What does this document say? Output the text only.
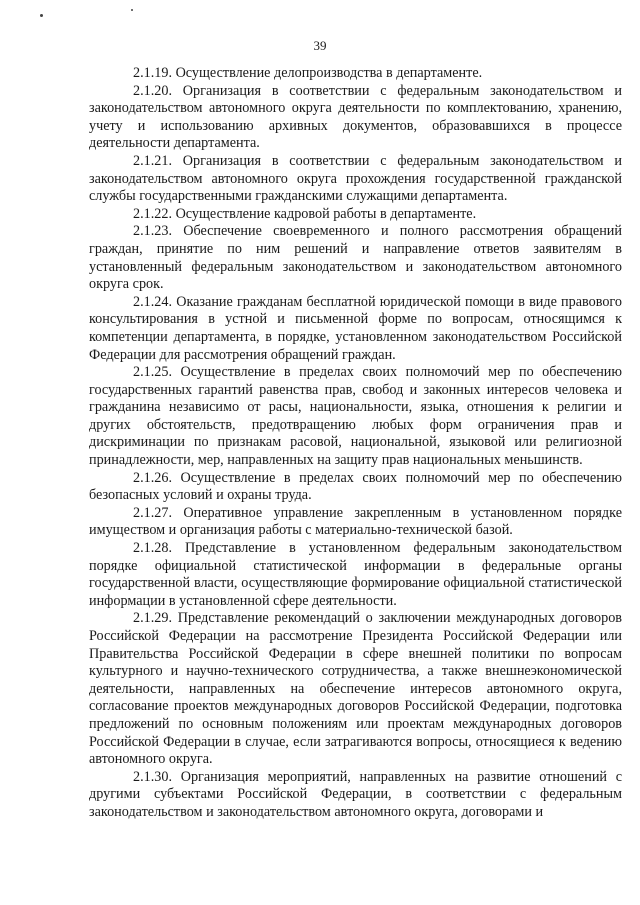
39

2.1.19. Осуществление делопроизводства в департаменте.

2.1.20. Организация в соответствии с федеральным законодательством и законодательством автономного округа деятельности по комплектованию, хранению, учету и использованию архивных документов, образовавшихся в процессе деятельности департамента.

2.1.21. Организация в соответствии с федеральным законодательством и законодательством автономного округа прохождения государственной гражданской службы государственными гражданскими служащими департамента.

2.1.22. Осуществление кадровой работы в департаменте.

2.1.23. Обеспечение своевременного и полного рассмотрения обращений граждан, принятие по ним решений и направление ответов заявителям в установленный федеральным законодательством и законодательством автономного округа срок.

2.1.24. Оказание гражданам бесплатной юридической помощи в виде правового консультирования в устной и письменной форме по вопросам, относящимся к компетенции департамента, в порядке, установленном законодательством Российской Федерации для рассмотрения обращений граждан.

2.1.25. Осуществление в пределах своих полномочий мер по обеспечению государственных гарантий равенства прав, свобод и законных интересов человека и гражданина независимо от расы, национальности, языка, отношения к религии и других обстоятельств, предотвращению любых форм ограничения прав и дискриминации по признакам расовой, национальной, языковой или религиозной принадлежности, мер, направленных на защиту прав национальных меньшинств.

2.1.26. Осуществление в пределах своих полномочий мер по обеспечению безопасных условий и охраны труда.

2.1.27. Оперативное управление закрепленным в установленном порядке имуществом и организация работы с материально-технической базой.

2.1.28. Представление в установленном федеральным законодательством порядке официальной статистической информации в федеральные органы государственной власти, осуществляющие формирование официальной статистической информации в установленной сфере деятельности.

2.1.29. Представление рекомендаций о заключении международных договоров Российской Федерации на рассмотрение Президента Российской Федерации или Правительства Российской Федерации в сфере внешней политики по вопросам культурного и научно-технического сотрудничества, а также внешнеэкономической деятельности, направленных на обеспечение интересов автономного округа, согласование проектов международных договоров Российской Федерации, подготовка предложений по основным положениям или проектам международных договоров Российской Федерации в случае, если затрагиваются вопросы, относящиеся к ведению автономного округа.

2.1.30. Организация мероприятий, направленных на развитие отношений с другими субъектами Российской Федерации, в соответствии с федеральным законодательством и законодательством автономного округа, договорами и
